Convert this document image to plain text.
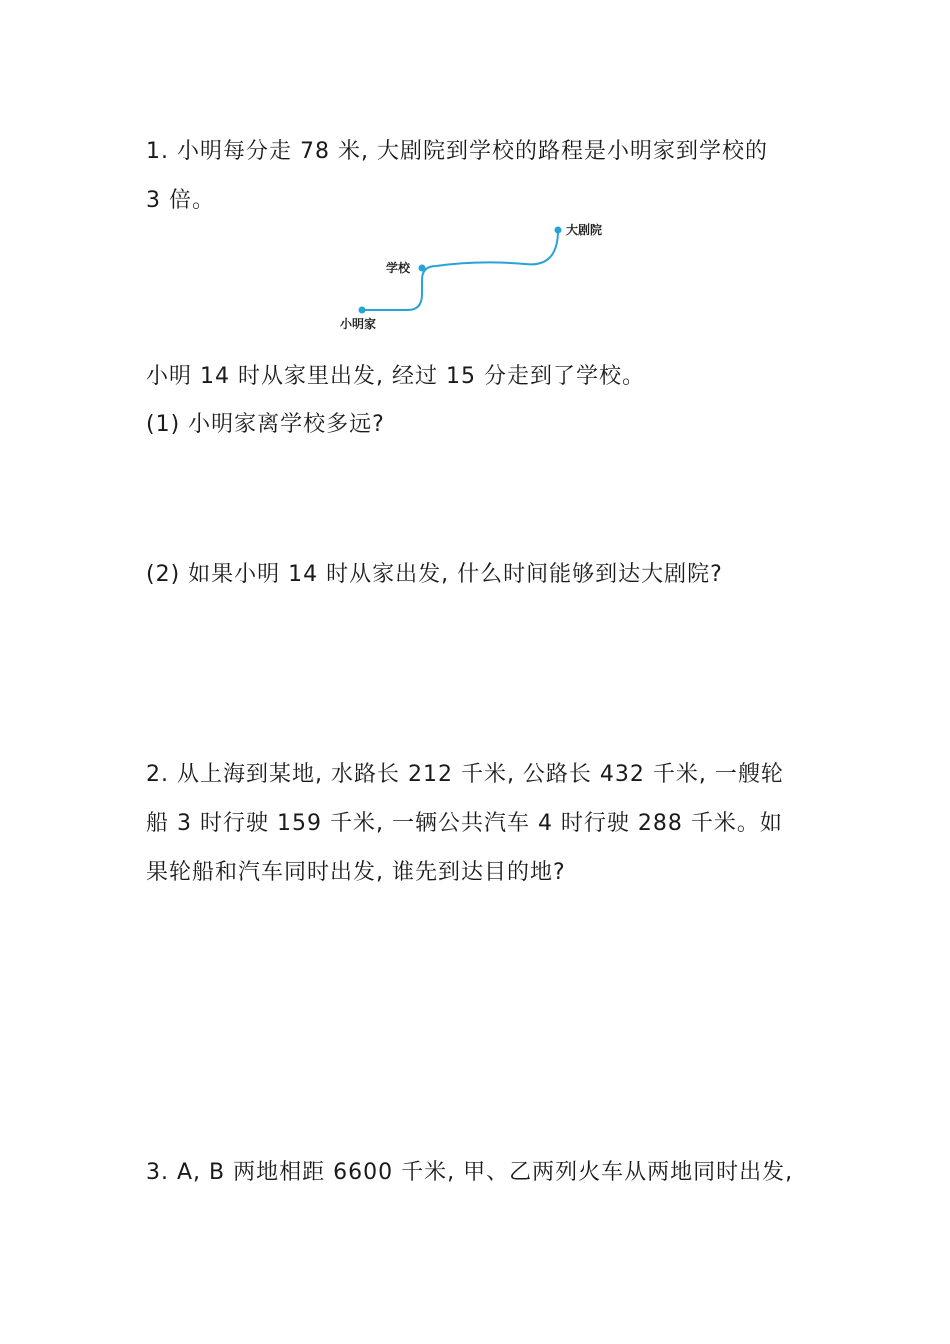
1. 小明每分走 78 米, 大剧院到学校的路程是小明家到学校的
3 倍。
大剧院
学校
小明家
小明 14 时从家里出发, 经过 15 分走到了学校。
(1) 小明家离学校多远?
(2) 如果小明 14 时从家出发, 什么时间能够到达大剧院?
2. 从上海到某地, 水路长 212 千米, 公路长 432 千米, 一艘轮
船 3 时行驶 159 千米, 一辆公共汽车 4 时行驶 288 千米。如
果轮船和汽车同时出发, 谁先到达目的地?
3. A, B 两地相距 6600 千米, 甲、乙两列火车从两地同时出发,
